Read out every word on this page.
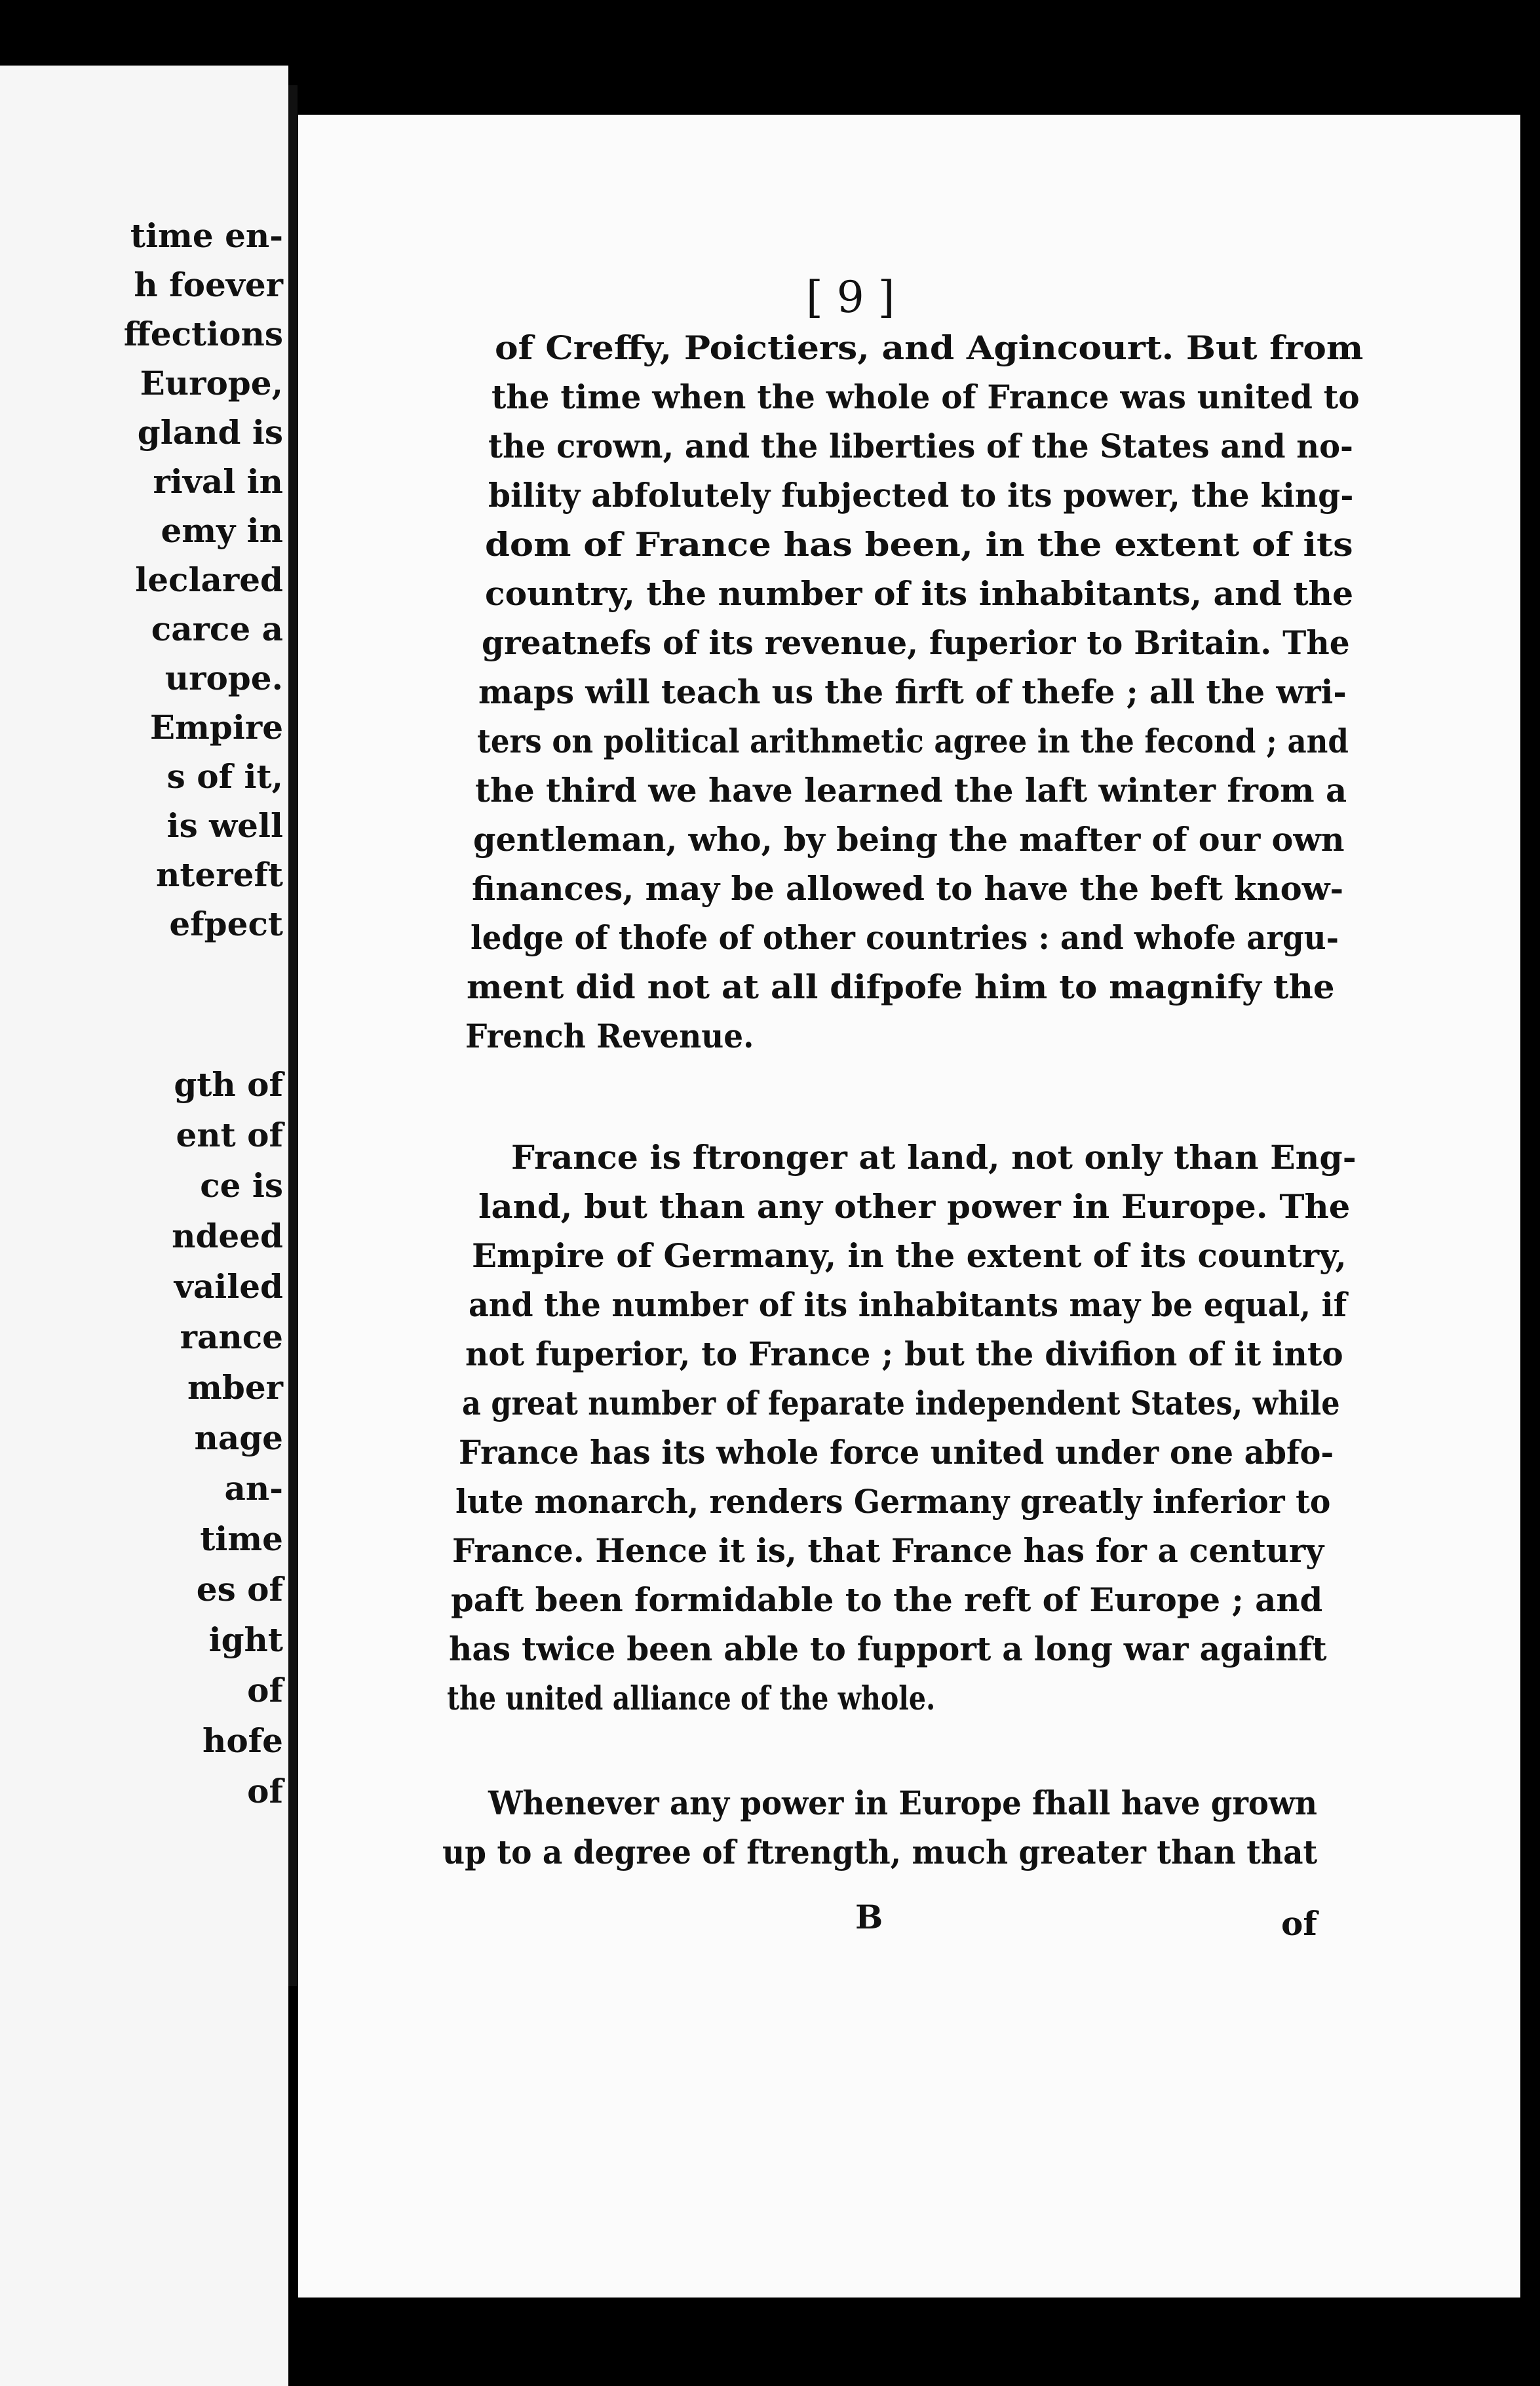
time en-
h foever
ffections
Europe,
gland is
rival in
emy in
leclared
carce a
urope.
Empire
s of it,
is well
ntereft
efpect
gth of
ent of
ce is
ndeed
vailed
rance
mber
nage
an-
time
es of
ight
of
hofe
of
[ 9 ]
of Creffy, Poictiers, and Agincourt. But from
the time when the whole of France was united to
the crown, and the liberties of the States and no-
bility abfolutely fubjected to its power, the king-
dom of France has been, in the extent of its
country, the number of its inhabitants, and the
greatnefs of its revenue, fuperior to Britain. The
maps will teach us the firft of thefe ; all the wri-
ters on political arithmetic agree in the fecond ; and
the third we have learned the laft winter from a
gentleman, who, by being the mafter of our own
finances, may be allowed to have the beft know-
ledge of thofe of other countries : and whofe argu-
ment did not at all difpofe him to magnify the
French Revenue.
France is ftronger at land, not only than Eng-
land, but than any other power in Europe. The
Empire of Germany, in the extent of its country,
and the number of its inhabitants may be equal, if
not fuperior, to France ; but the divifion of it into
a great number of feparate independent States, while
France has its whole force united under one abfo-
lute monarch, renders Germany greatly inferior to
France. Hence it is, that France has for a century
paft been formidable to the reft of Europe ; and
has twice been able to fupport a long war againft
the united alliance of the whole.
Whenever any power in Europe fhall have grown
up to a degree of ftrength, much greater than that
B	of
